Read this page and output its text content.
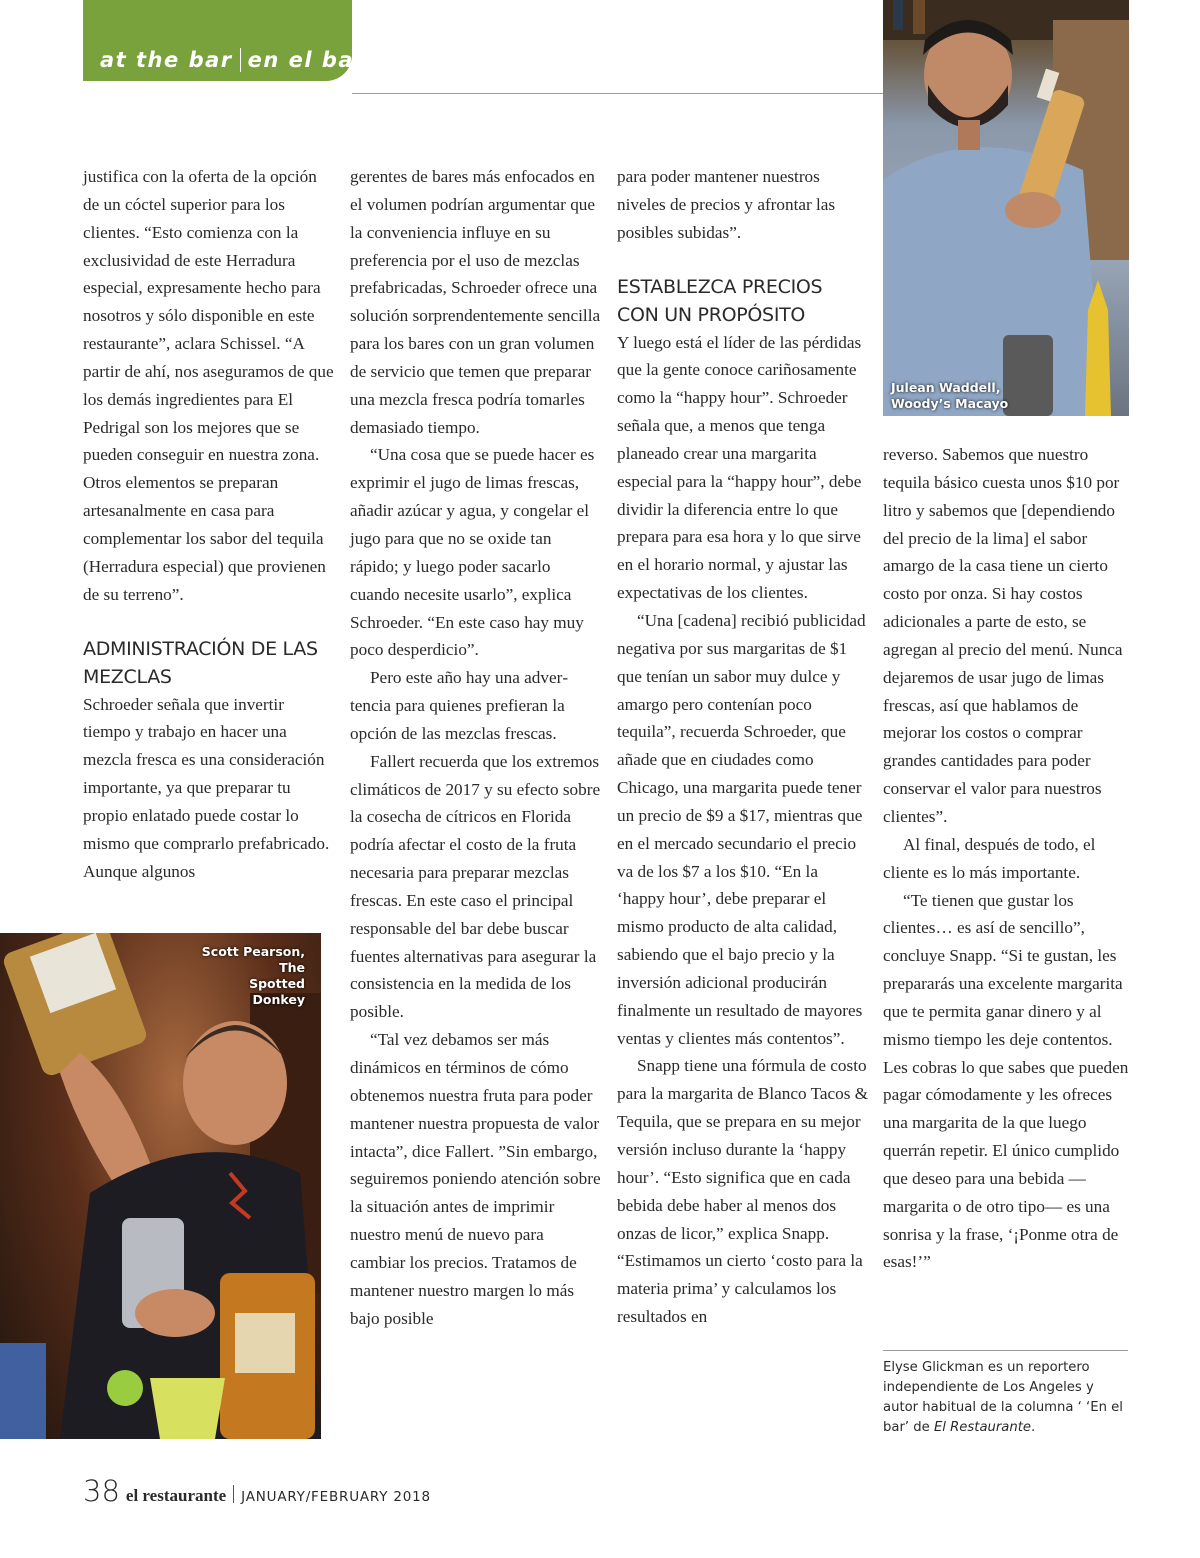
at the bar en el bar
Julean Waddell,
Woody’s Macayo
Scott Pearson, The
Spotted Donkey

justifica con la oferta de la opción de un cóctel superior para los clientes. “Esto comienza con la exclusividad de este Herradura especial, expresamente hecho para nosotros y sólo disponible en este restaurante”, aclara Schissel. “A partir de ahí, nos aseguramos de que los demás ingredientes para El Pedrigal son los mejores que se pueden conseguir en nuestra zona. Otros elementos se preparan artesanalmente en casa para complementar los sabor del tequila (Herradura especial) que provienen de su terreno”.

ADMINISTRACIÓN DE LAS MEZCLAS

Schroeder señala que invertir tiempo y trabajo en hacer una mezcla fresca es una consideración importante, ya que preparar tu propio enlatado puede costar lo mismo que comprarlo prefabricado. Aunque algunos

gerentes de bares más enfocados en el volumen podrían argumentar que la conveniencia influye en su preferencia por el uso de mezclas prefabricadas, Schroeder ofrece una solución sorprendentemente sencilla para los bares con un gran volumen de servicio que temen que preparar una mezcla fresca podría tomarles demasiado tiempo.

“Una cosa que se puede hacer es exprimir el jugo de limas frescas, añadir azúcar y agua, y congelar el jugo para que no se oxide tan rápido; y luego poder sacarlo cuando necesite usarlo”, explica Schroeder. “En este caso hay muy poco desperdicio”.

Pero este año hay una advertencia para quienes prefieran la opción de las mezclas frescas.

Fallert recuerda que los extremos climáticos de 2017 y su efecto sobre la cosecha de cítricos en Florida podría afectar el costo de la fruta necesaria para preparar mezclas frescas. En este caso el principal responsable del bar debe buscar fuentes alternativas para asegurar la consistencia en la medida de los posible.

“Tal vez debamos ser más dinámicos en términos de cómo obtenemos nuestra fruta para poder mantener nuestra propuesta de valor intacta”, dice Fallert. ”Sin embargo, seguiremos poniendo atención sobre la situación antes de imprimir nuestro menú de nuevo para cambiar los precios. Tratamos de mantener nuestro margen lo más bajo posible

para poder mantener nuestros niveles de precios y afrontar las posibles subidas”.

ESTABLEZCA PRECIOS CON UN PROPÓSITO

Y luego está el líder de las pérdidas que la gente conoce cariñosamente como la “happy hour”. Schroeder señala que, a menos que tenga planeado crear una margarita especial para la “happy hour”, debe dividir la diferencia entre lo que prepara para esa hora y lo que sirve en el horario normal, y ajustar las expectativas de los clientes.

“Una [cadena] recibió publicidad negativa por sus margaritas de $1 que tenían un sabor muy dulce y amargo pero contenían poco tequila”, recuerda Schroeder, que añade que en ciudades como Chicago, una margarita puede tener un precio de $9 a $17, mientras que en el mercado secundario el precio va de los $7 a los $10. “En la ‘happy hour’, debe preparar el mismo producto de alta calidad, sabiendo que el bajo precio y la inversión adicional producirán finalmente un resultado de mayores ventas y clientes más contentos”.

Snapp tiene una fórmula de costo para la margarita de Blanco Tacos & Tequila, que se prepara en su mejor versión incluso durante la ‘happy hour’. “Esto significa que en cada bebida debe haber al menos dos onzas de licor,” explica Snapp. “Estimamos un cierto ‘costo para la materia prima’ y calculamos los resultados en

reverso. Sabemos que nuestro tequila básico cuesta unos $10 por litro y sabemos que [dependiendo del precio de la lima] el sabor amargo de la casa tiene un cierto costo por onza. Si hay costos adicionales a parte de esto, se agregan al precio del menú. Nunca dejaremos de usar jugo de limas frescas, así que hablamos de mejorar los costos o comprar grandes cantidades para poder conservar el valor para nuestros clientes”.

Al final, después de todo, el cliente es lo más importante.

“Te tienen que gustar los clientes… es así de sencillo”, concluye Snapp. “Si te gustan, les prepararás una excelente margarita que te permita ganar dinero y al mismo tiempo les deje contentos. Les cobras lo que sabes que pueden pagar cómodamente y les ofreces una margarita de la que luego querrán repetir. El único cumplido que deseo para una bebida —margarita o de otro tipo— es una sonrisa y la frase, ‘¡Ponme otra de esas!’”

Elyse Glickman es un reportero independiente de Los Angeles y autor habitual de la columna ‘ ‘En el bar’ de El Restaurante.
38 el restaurante JANUARY/FEBRUARY 2018
